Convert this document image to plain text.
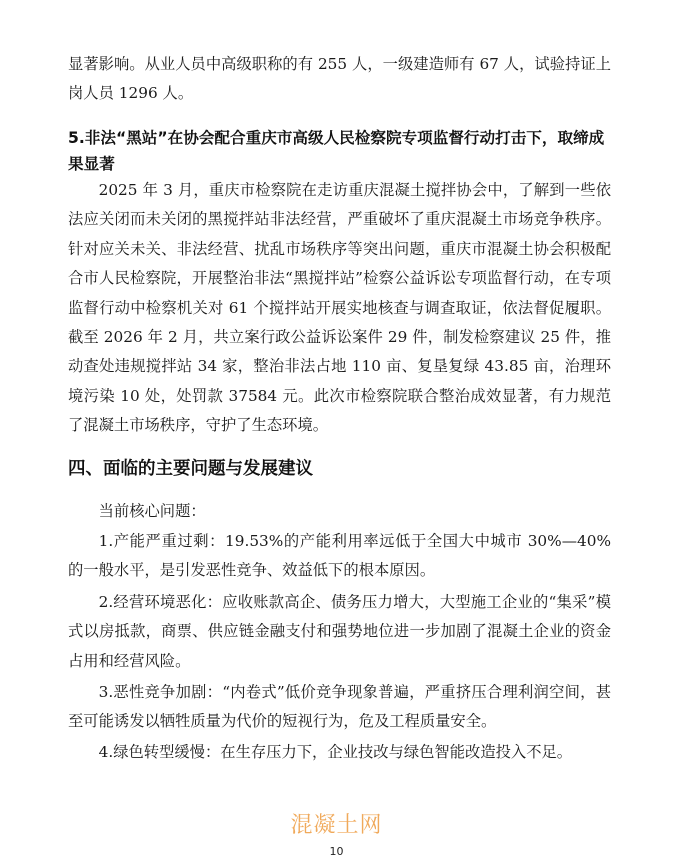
显著影响。从业人员中高级职称的有 255 人，一级建造师有 67 人，试验持证上岗人员 1296 人。

5.非法“黑站”在协会配合重庆市高级人民检察院专项监督行动打击下，取缔成果显著

2025 年 3 月，重庆市检察院在走访重庆混凝土搅拌协会中，了解到一些依法应关闭而未关闭的黑搅拌站非法经营，严重破坏了重庆混凝土市场竞争秩序。针对应关未关、非法经营、扰乱市场秩序等突出问题，重庆市混凝土协会积极配合市人民检察院，开展整治非法“黑搅拌站”检察公益诉讼专项监督行动，在专项监督行动中检察机关对 61 个搅拌站开展实地核查与调查取证，依法督促履职。截至 2026 年 2 月，共立案行政公益诉讼案件 29 件，制发检察建议 25 件，推动查处违规搅拌站 34 家，整治非法占地 110 亩、复垦复绿 43.85 亩，治理环境污染 10 处，处罚款 37584 元。此次市检察院联合整治成效显著，有力规范了混凝土市场秩序，守护了生态环境。

四、面临的主要问题与发展建议

当前核心问题：

1.产能严重过剩：19.53%的产能利用率远低于全国大中城市 30%—40%的一般水平，是引发恶性竞争、效益低下的根本原因。

2.经营环境恶化：应收账款高企、债务压力增大，大型施工企业的“集采”模式以房抵款，商票、供应链金融支付和强势地位进一步加剧了混凝土企业的资金占用和经营风险。

3.恶性竞争加剧：“内卷式”低价竞争现象普遍，严重挤压合理利润空间，甚至可能诱发以牺牲质量为代价的短视行为，危及工程质量安全。

4.绿色转型缓慢：在生存压力下，企业技改与绿色智能改造投入不足。

混凝土网
10
